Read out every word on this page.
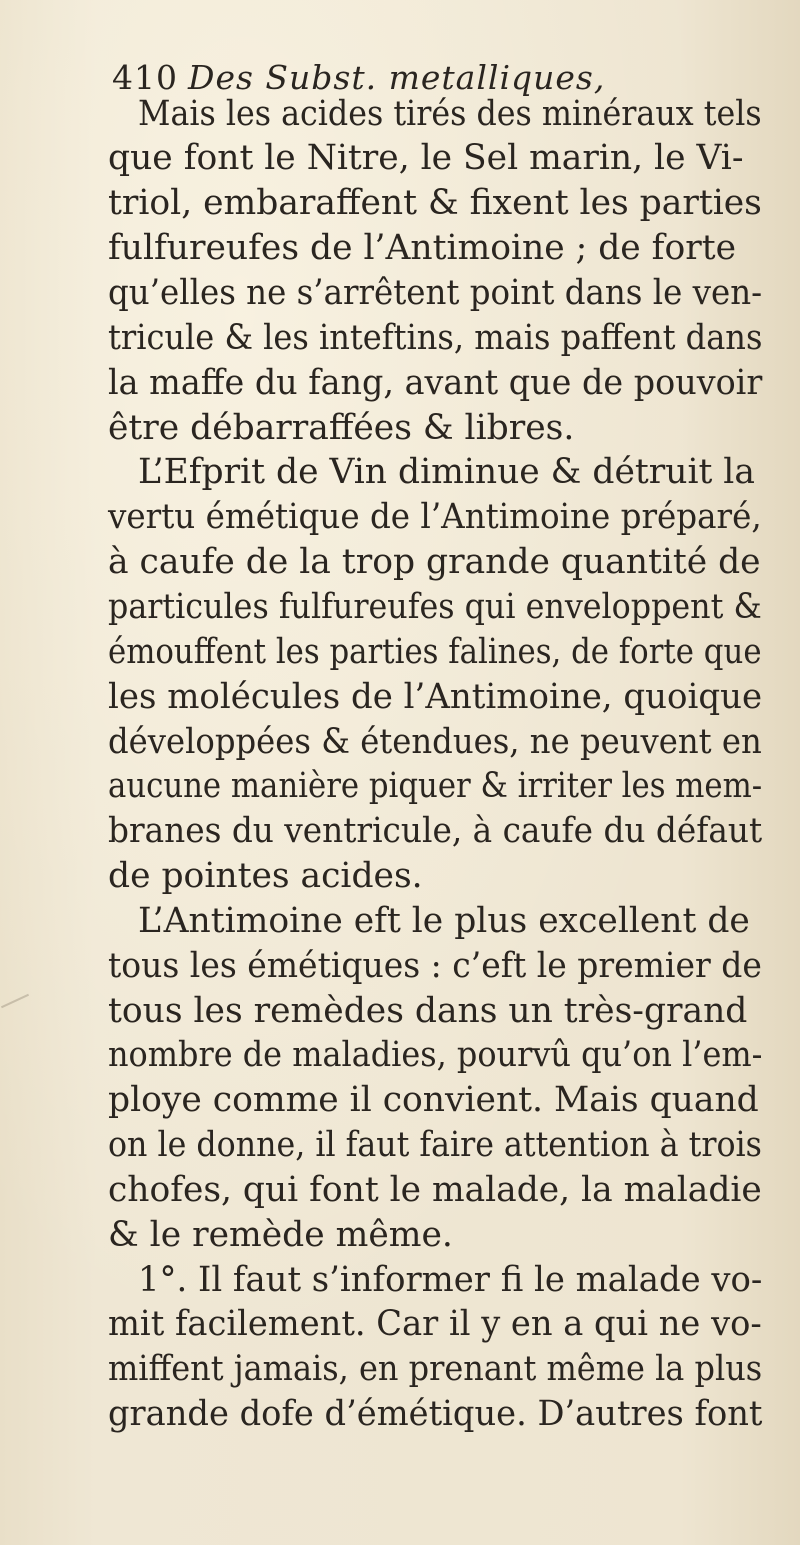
410 Des Subst. metalliques,
Mais les acides tirés des minéraux tels
que font le Nitre, le Sel marin, le Vi-
triol, embaraffent & fixent les parties
fulfureufes de l’Antimoine ; de forte
qu’elles ne s’arrêtent point dans le ven-
tricule & les inteftins, mais paffent dans
la maffe du fang, avant que de pouvoir
être débarraffées & libres.
L’Efprit de Vin diminue & détruit la
vertu émétique de l’Antimoine préparé,
à caufe de la trop grande quantité de
particules fulfureufes qui enveloppent &
émouffent les parties falines, de forte que
les molécules de l’Antimoine, quoique
développées & étendues, ne peuvent en
aucune manière piquer & irriter les mem-
branes du ventricule, à caufe du défaut
de pointes acides.
L’Antimoine eft le plus excellent de
tous les émétiques : c’eft le premier de
tous les remèdes dans un très-grand
nombre de maladies, pourvû qu’on l’em-
ploye comme il convient. Mais quand
on le donne, il faut faire attention à trois
chofes, qui font le malade, la maladie
& le remède même.
1°. Il faut s’informer fi le malade vo-
mit facilement. Car il y en a qui ne vo-
miffent jamais, en prenant même la plus
grande dofe d’émétique. D’autres font
